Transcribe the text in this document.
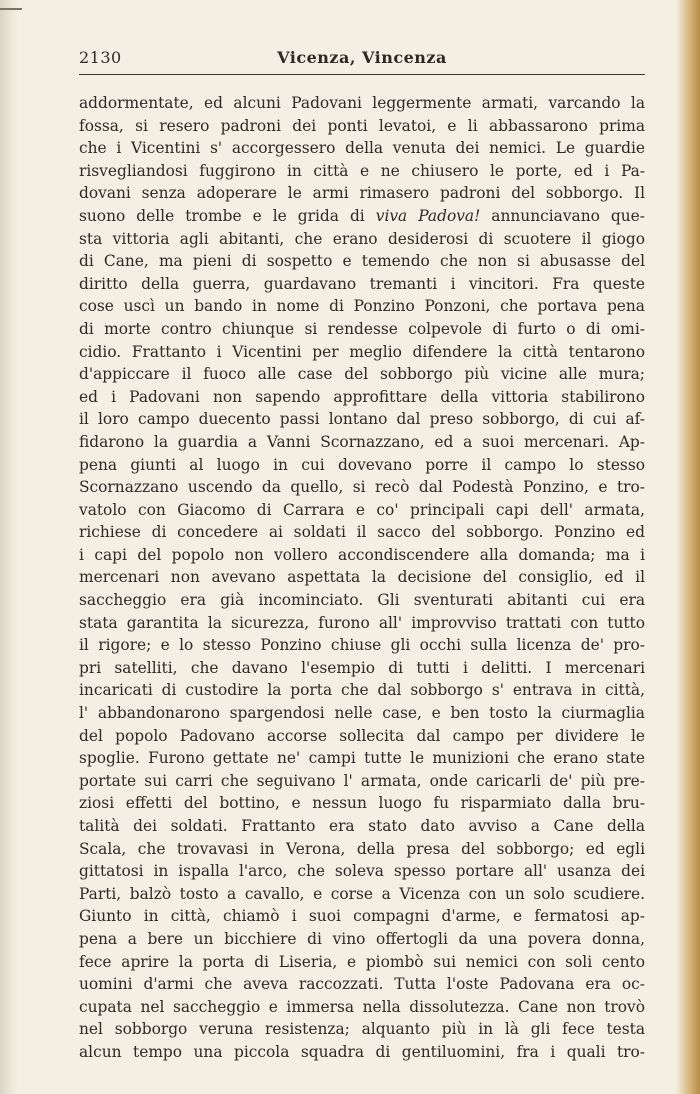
2130	Vicenza, Vincenza
addormentate, ed alcuni Padovani leggermente armati, varcando la
fossa, si resero padroni dei ponti levatoi, e li abbassarono prima
che i Vicentini s' accorgessero della venuta dei nemici. Le guardie
risvegliandosi fuggirono in città e ne chiusero le porte, ed i Pa-
dovani senza adoperare le armi rimasero padroni del sobborgo. Il
suono delle trombe e le grida di viva Padova! annunciavano que-
sta vittoria agli abitanti, che erano desiderosi di scuotere il giogo
di Cane, ma pieni di sospetto e temendo che non si abusasse del
diritto della guerra, guardavano tremanti i vincitori. Fra queste
cose uscì un bando in nome di Ponzino Ponzoni, che portava pena
di morte contro chiunque si rendesse colpevole di furto o di omi-
cidio. Frattanto i Vicentini per meglio difendere la città tentarono
d'appiccare il fuoco alle case del sobborgo più vicine alle mura;
ed i Padovani non sapendo approfittare della vittoria stabilirono
il loro campo duecento passi lontano dal preso sobborgo, di cui af-
fidarono la guardia a Vanni Scornazzano, ed a suoi mercenari. Ap-
pena giunti al luogo in cui dovevano porre il campo lo stesso
Scornazzano uscendo da quello, si recò dal Podestà Ponzino, e tro-
vatolo con Giacomo di Carrara e co' principali capi dell' armata,
richiese di concedere ai soldati il sacco del sobborgo. Ponzino ed
i capi del popolo non vollero accondiscendere alla domanda; ma i
mercenari non avevano aspettata la decisione del consiglio, ed il
saccheggio era già incominciato. Gli sventurati abitanti cui era
stata garantita la sicurezza, furono all' improvviso trattati con tutto
il rigore; e lo stesso Ponzino chiuse gli occhi sulla licenza de' pro-
pri satelliti, che davano l'esempio di tutti i delitti. I mercenari
incaricati di custodire la porta che dal sobborgo s' entrava in città,
l' abbandonarono spargendosi nelle case, e ben tosto la ciurmaglia
del popolo Padovano accorse sollecita dal campo per dividere le
spoglie. Furono gettate ne' campi tutte le munizioni che erano state
portate sui carri che seguivano l' armata, onde caricarli de' più pre-
ziosi effetti del bottino, e nessun luogo fu risparmiato dalla bru-
talità dei soldati. Frattanto era stato dato avviso a Cane della
Scala, che trovavasi in Verona, della presa del sobborgo; ed egli
gittatosi in ispalla l'arco, che soleva spesso portare all' usanza dei
Parti, balzò tosto a cavallo, e corse a Vicenza con un solo scudiere.
Giunto in città, chiamò i suoi compagni d'arme, e fermatosi ap-
pena a bere un bicchiere di vino offertogli da una povera donna,
fece aprire la porta di Liseria, e piombò sui nemici con soli cento
uomini d'armi che aveva raccozzati. Tutta l'oste Padovana era oc-
cupata nel saccheggio e immersa nella dissolutezza. Cane non trovò
nel sobborgo veruna resistenza; alquanto più in là gli fece testa
alcun tempo una piccola squadra di gentiluomini, fra i quali tro-
